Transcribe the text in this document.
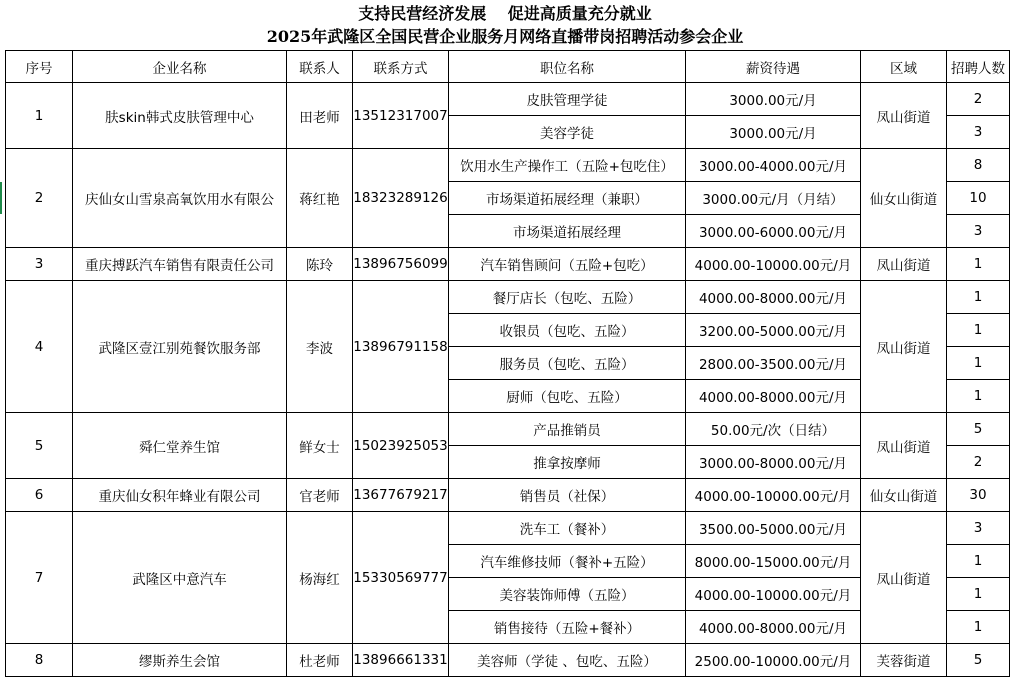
支持民营经济发展　 促进高质量充分就业
2025年武隆区全国民营企业服务月网络直播带岗招聘活动参会企业
序号	企业名称	联系人	联系方式	职位名称	薪资待遇	区域	招聘人数
1	肤skin韩式皮肤管理中心	田老师	13512317007	皮肤管理学徒	3000.00元/月	凤山街道	2
				美容学徒	3000.00元/月		3
2	庆仙女山雪泉高氧饮用水有限公	蒋红艳	18323289126	饮用水生产操作工（五险+包吃住）	3000.00-4000.00元/月	仙女山街道	8
				市场渠道拓展经理（兼职）	3000.00元/月（月结）		10
				市场渠道拓展经理	3000.00-6000.00元/月		3
3	重庆搏跃汽车销售有限责任公司	陈玲	13896756099	汽车销售顾问（五险+包吃）	4000.00-10000.00元/月	凤山街道	1
4	武隆区壹江别苑餐饮服务部	李波	13896791158	餐厅店长（包吃、五险）	4000.00-8000.00元/月	凤山街道	1
				收银员（包吃、五险）	3200.00-5000.00元/月		1
				服务员（包吃、五险）	2800.00-3500.00元/月		1
				厨师（包吃、五险）	4000.00-8000.00元/月		1
5	舜仁堂养生馆	鲜女士	15023925053	产品推销员	50.00元/次（日结）	凤山街道	5
				推拿按摩师	3000.00-8000.00元/月		2
6	重庆仙女积年蜂业有限公司	官老师	13677679217	销售员（社保）	4000.00-10000.00元/月	仙女山街道	30
7	武隆区中意汽车	杨海红	15330569777	洗车工（餐补）	3500.00-5000.00元/月	凤山街道	3
				汽车维修技师（餐补+五险）	8000.00-15000.00元/月		1
				美容装饰师傅（五险）	4000.00-10000.00元/月		1
				销售接待（五险+餐补）	4000.00-8000.00元/月		1
8	缪斯养生会馆	杜老师	13896661331	美容师（学徒 、包吃、五险）	2500.00-10000.00元/月	芙蓉街道	5
